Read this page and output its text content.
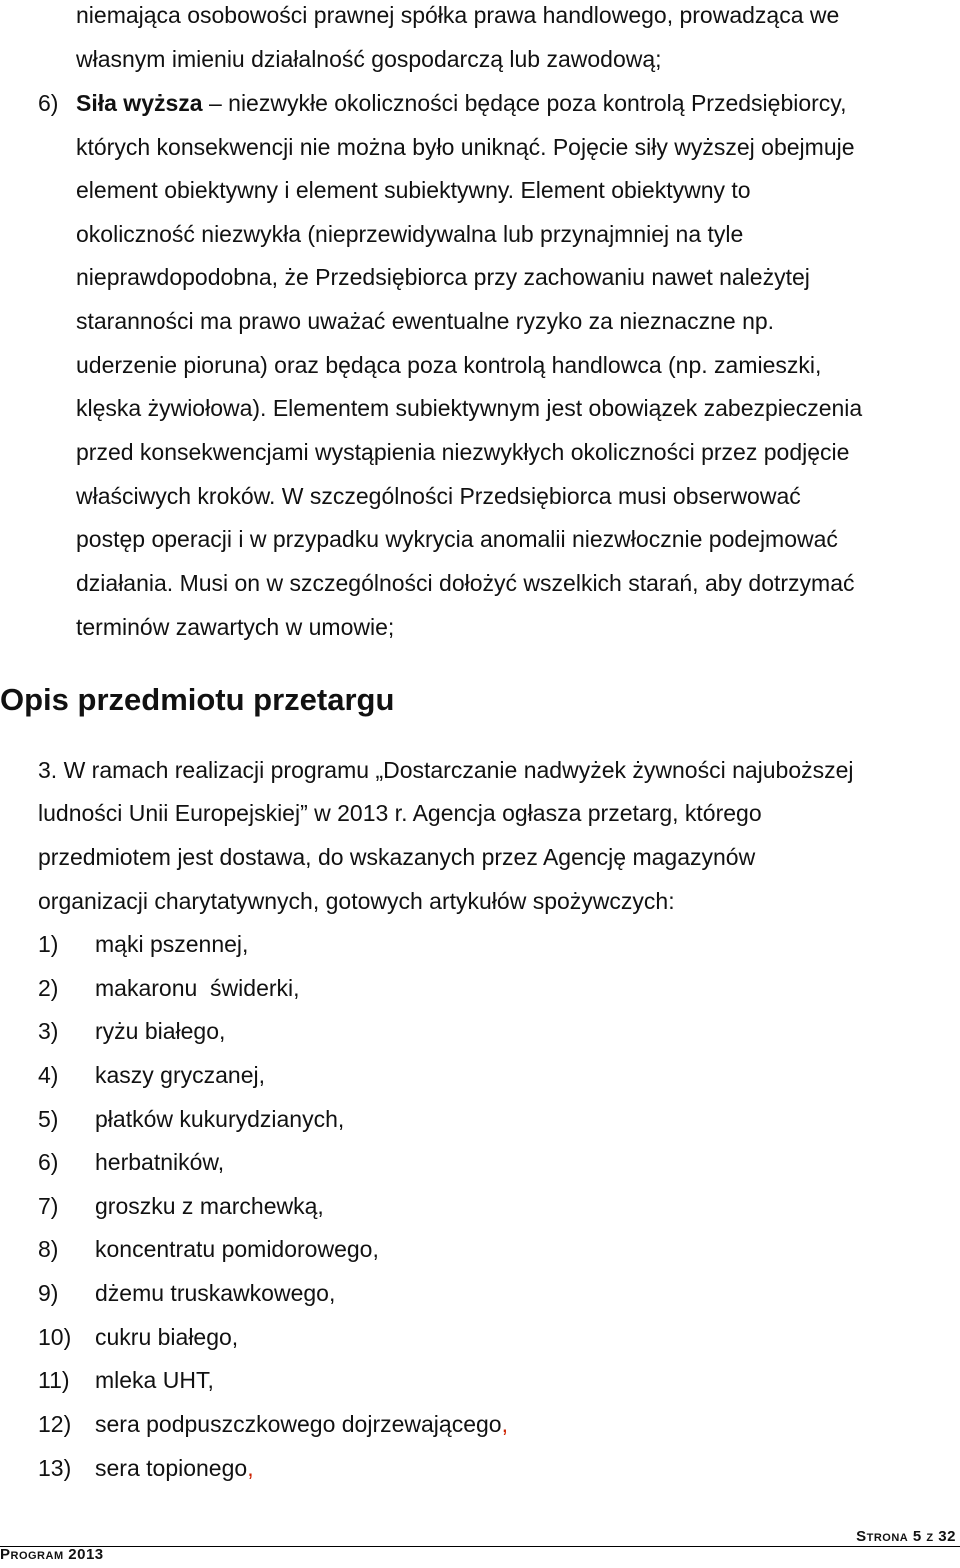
niemająca osobowości prawnej spółka prawa handlowego, prowadząca we
własnym imieniu działalność gospodarczą lub zawodową;
6) Siła wyższa – niezwykłe okoliczności będące poza kontrolą Przedsiębiorcy,
których konsekwencji nie można było uniknąć. Pojęcie siły wyższej obejmuje
element obiektywny i element subiektywny. Element obiektywny to
okoliczność niezwykła (nieprzewidywalna lub przynajmniej na tyle
nieprawdopodobna, że Przedsiębiorca przy zachowaniu nawet należytej
staranności ma prawo uważać ewentualne ryzyko za nieznaczne np.
uderzenie pioruna) oraz będąca poza kontrolą handlowca (np. zamieszki,
klęska żywiołowa). Elementem subiektywnym jest obowiązek zabezpieczenia
przed konsekwencjami wystąpienia niezwykłych okoliczności przez podjęcie
właściwych kroków. W szczególności Przedsiębiorca musi obserwować
postęp operacji i w przypadku wykrycia anomalii niezwłocznie podejmować
działania. Musi on w szczególności dołożyć wszelkich starań, aby dotrzymać
terminów zawartych w umowie;
Opis przedmiotu przetargu
3. W ramach realizacji programu „Dostarczanie nadwyżek żywności najuboższej
ludności Unii Europejskiej” w 2013 r. Agencja ogłasza przetarg, którego
przedmiotem jest dostawa, do wskazanych przez Agencję magazynów
organizacji charytatywnych, gotowych artykułów spożywczych:
1) mąki pszennej,
2) makaronu  świderki,
3) ryżu białego,
4) kaszy gryczanej,
5) płatków kukurydzianych,
6) herbatników,
7) groszku z marchewką,
8) koncentratu pomidorowego,
9) dżemu truskawkowego,
10) cukru białego,
11) mleka UHT,
12) sera podpuszczkowego dojrzewającego,
13) sera topionego,
Strona 5 z 32
Program 2013
